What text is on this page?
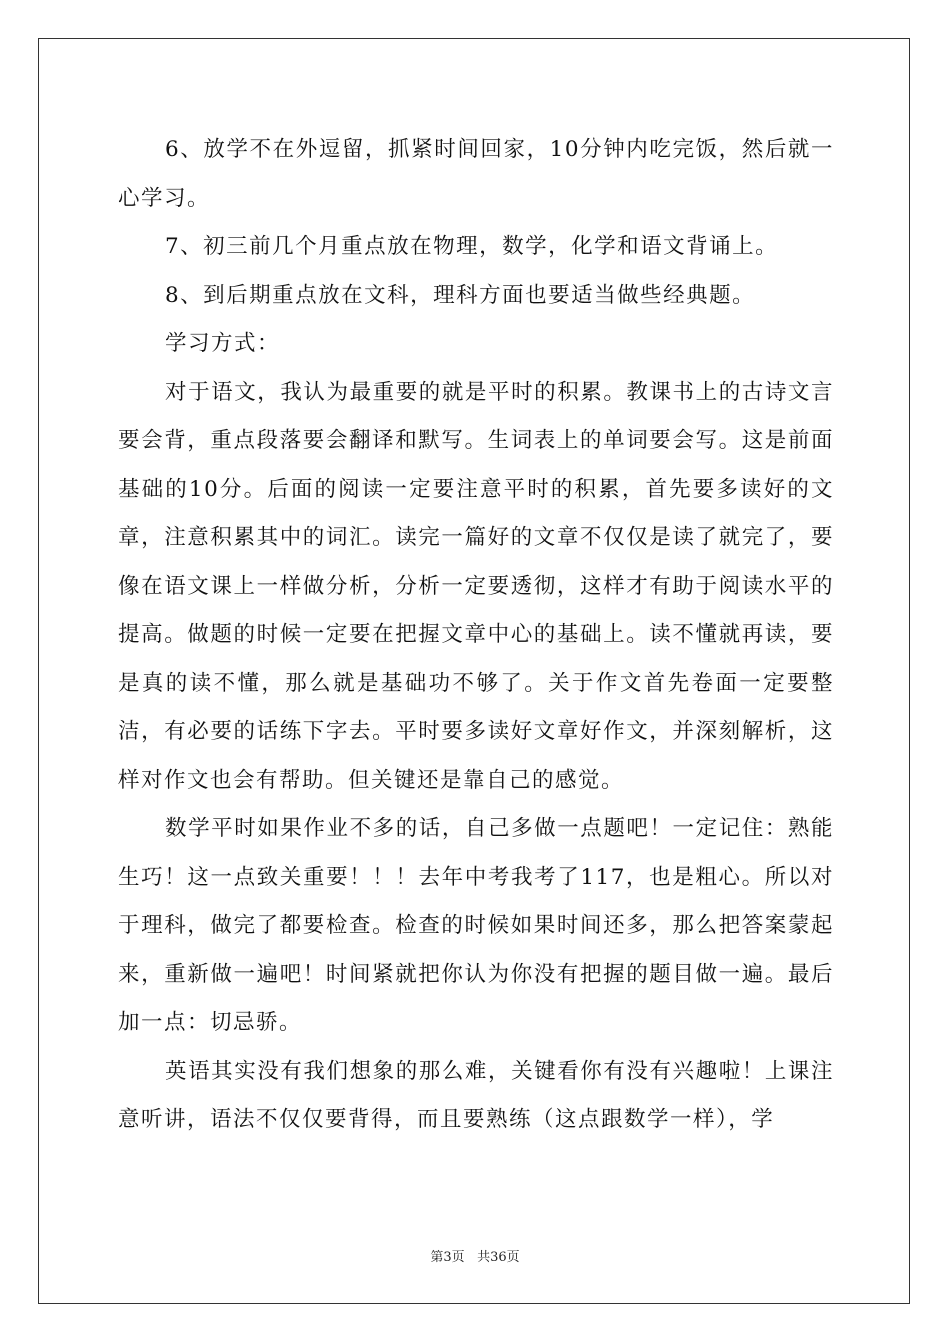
6、放学不在外逗留，抓紧时间回家，10分钟内吃完饭，然后就一心学习。

7、初三前几个月重点放在物理，数学，化学和语文背诵上。

8、到后期重点放在文科，理科方面也要适当做些经典题。

学习方式：

对于语文，我认为最重要的就是平时的积累。教课书上的古诗文言要会背，重点段落要会翻译和默写。生词表上的单词要会写。这是前面基础的10分。后面的阅读一定要注意平时的积累，首先要多读好的文章，注意积累其中的词汇。读完一篇好的文章不仅仅是读了就完了，要像在语文课上一样做分析，分析一定要透彻，这样才有助于阅读水平的提高。做题的时候一定要在把握文章中心的基础上。读不懂就再读，要是真的读不懂，那么就是基础功不够了。关于作文首先卷面一定要整洁，有必要的话练下字去。平时要多读好文章好作文，并深刻解析，这样对作文也会有帮助。但关键还是靠自己的感觉。

数学平时如果作业不多的话，自己多做一点题吧！一定记住：熟能生巧！这一点致关重要！！！去年中考我考了117，也是粗心。所以对于理科，做完了都要检查。检查的时候如果时间还多，那么把答案蒙起来，重新做一遍吧！时间紧就把你认为你没有把握的题目做一遍。最后加一点：切忌骄。

英语其实没有我们想象的那么难，关键看你有没有兴趣啦！上课注意听讲，语法不仅仅要背得，而且要熟练（这点跟数学一样），学

第3页 共36页
